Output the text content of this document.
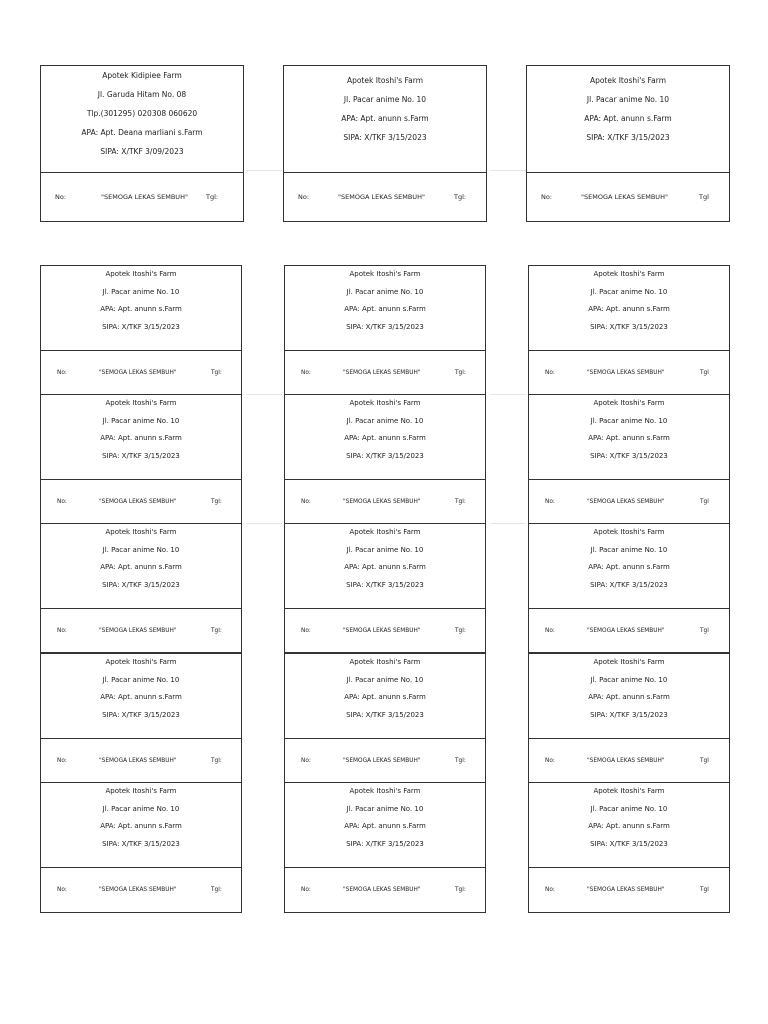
Apotek Kidipiee Farm
Jl. Garuda Hitam No. 08
Tlp.(301295) 020308 060620
APA: Apt. Deana marliani s.Farm
SIPA: X/TKF 3/09/2023
No:	"SEMOGA LEKAS SEMBUH"	Tgl:
Apotek Itoshi's Farm
Jl. Pacar anime No. 10
APA: Apt. anunn s.Farm
SIPA: X/TKF 3/15/2023
No:	"SEMOGA LEKAS SEMBUH"	Tgl:
Apotek Itoshi's Farm
Jl. Pacar anime No. 10
APA: Apt. anunn s.Farm
SIPA: X/TKF 3/15/2023
No:	"SEMOGA LEKAS SEMBUH"	Tgl
Apotek Itoshi's Farm
Jl. Pacar anime No. 10
APA: Apt. anunn s.Farm
SIPA: X/TKF 3/15/2023
No:	"SEMOGA LEKAS SEMBUH"	Tgl:
Apotek Itoshi's Farm
Jl. Pacar anime No. 10
APA: Apt. anunn s.Farm
SIPA: X/TKF 3/15/2023
No:	"SEMOGA LEKAS SEMBUH"	Tgl:
Apotek Itoshi's Farm
Jl. Pacar anime No. 10
APA: Apt. anunn s.Farm
SIPA: X/TKF 3/15/2023
No:	"SEMOGA LEKAS SEMBUH"	Tgl
Apotek Itoshi's Farm
Jl. Pacar anime No. 10
APA: Apt. anunn s.Farm
SIPA: X/TKF 3/15/2023
No:	"SEMOGA LEKAS SEMBUH"	Tgl:
Apotek Itoshi's Farm
Jl. Pacar anime No. 10
APA: Apt. anunn s.Farm
SIPA: X/TKF 3/15/2023
No:	"SEMOGA LEKAS SEMBUH"	Tgl:
Apotek Itoshi's Farm
Jl. Pacar anime No. 10
APA: Apt. anunn s.Farm
SIPA: X/TKF 3/15/2023
No:	"SEMOGA LEKAS SEMBUH"	Tgl
Apotek Itoshi's Farm
Jl. Pacar anime No. 10
APA: Apt. anunn s.Farm
SIPA: X/TKF 3/15/2023
No:	"SEMOGA LEKAS SEMBUH"	Tgl:
Apotek Itoshi's Farm
Jl. Pacar anime No. 10
APA: Apt. anunn s.Farm
SIPA: X/TKF 3/15/2023
No:	"SEMOGA LEKAS SEMBUH"	Tgl:
Apotek Itoshi's Farm
Jl. Pacar anime No. 10
APA: Apt. anunn s.Farm
SIPA: X/TKF 3/15/2023
No:	"SEMOGA LEKAS SEMBUH"	Tgl
Apotek Itoshi's Farm
Jl. Pacar anime No. 10
APA: Apt. anunn s.Farm
SIPA: X/TKF 3/15/2023
No:	"SEMOGA LEKAS SEMBUH"	Tgl:
Apotek Itoshi's Farm
Jl. Pacar anime No. 10
APA: Apt. anunn s.Farm
SIPA: X/TKF 3/15/2023
No:	"SEMOGA LEKAS SEMBUH"	Tgl:
Apotek Itoshi's Farm
Jl. Pacar anime No. 10
APA: Apt. anunn s.Farm
SIPA: X/TKF 3/15/2023
No:	"SEMOGA LEKAS SEMBUH"	Tgl
Apotek Itoshi's Farm
Jl. Pacar anime No. 10
APA: Apt. anunn s.Farm
SIPA: X/TKF 3/15/2023
No:	"SEMOGA LEKAS SEMBUH"	Tgl:
Apotek Itoshi's Farm
Jl. Pacar anime No. 10
APA: Apt. anunn s.Farm
SIPA: X/TKF 3/15/2023
No:	"SEMOGA LEKAS SEMBUH"	Tgl:
Apotek Itoshi's Farm
Jl. Pacar anime No. 10
APA: Apt. anunn s.Farm
SIPA: X/TKF 3/15/2023
No:	"SEMOGA LEKAS SEMBUH"	Tgl
